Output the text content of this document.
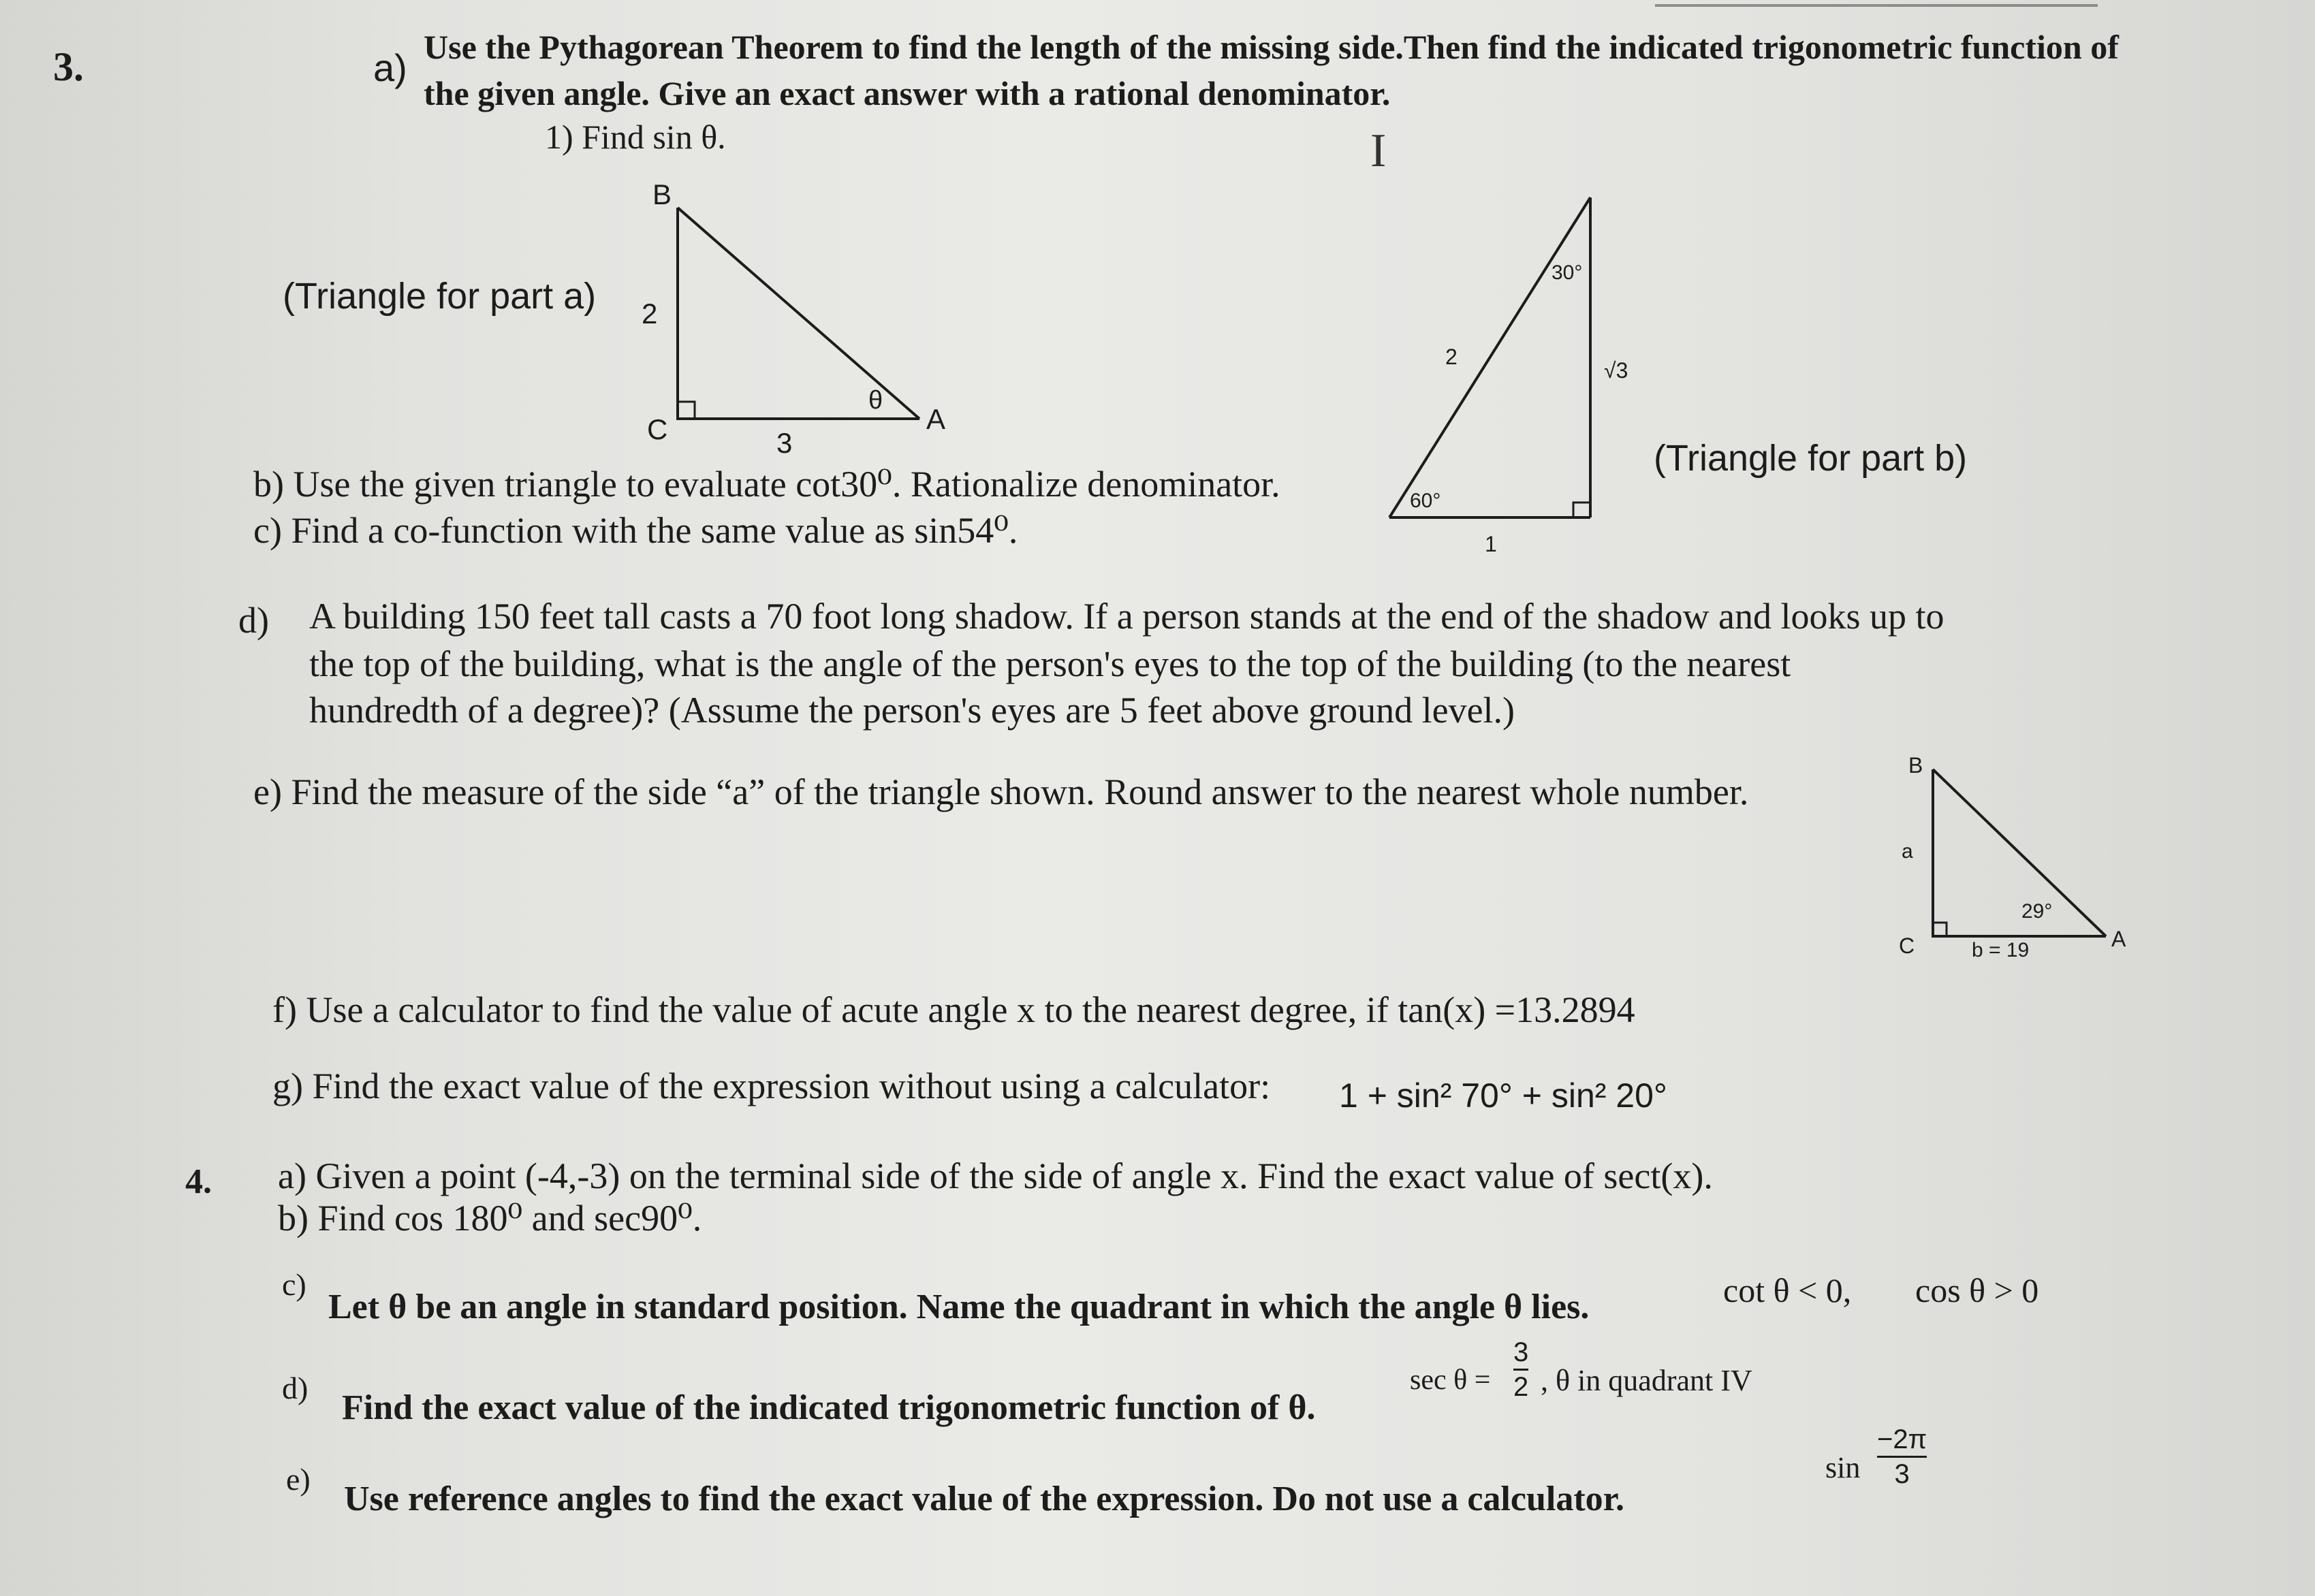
3.	a) Use the Pythagorean Theorem to find the length of the missing side.Then find the indicated trigonometric function of
the given angle. Give an exact answer with a rational denominator.
1) Find sin θ.	I
(Triangle for part a)
B
C	A
2
3
θ
30°
60°
2
√3
1
(Triangle for part b)
b) Use the given triangle to evaluate cot30⁰. Rationalize denominator.
c) Find a co-function with the same value as sin54⁰.
d) A building 150 feet tall casts a 70 foot long shadow. If a person stands at the end of the shadow and looks up to
the top of the building, what is the angle of the person's eyes to the top of the building (to the nearest
hundredth of a degree)? (Assume the person's eyes are 5 feet above ground level.)
e) Find the measure of the side “a” of the triangle shown. Round answer to the nearest whole number.
B
C	A
a
b = 19
29°
f) Use a calculator to find the value of acute angle x to the nearest degree, if tan(x) =13.2894
g) Find the exact value of the expression without using a calculator: 1 + sin² 70° + sin² 20°
4. a) Given a point (-4,-3) on the terminal side of the side of angle x. Find the exact value of sect(x).
b) Find cos 180⁰ and sec90⁰.
c)
Let θ be an angle in standard position. Name the quadrant in which the angle θ lies.	cot θ < 0, cos θ > 0
d)
Find the exact value of the indicated trigonometric function of θ.
sec θ =
3
2 , θ in quadrant IV
e)
Use reference angles to find the exact value of the expression. Do not use a calculator.
sin
−2π
3
